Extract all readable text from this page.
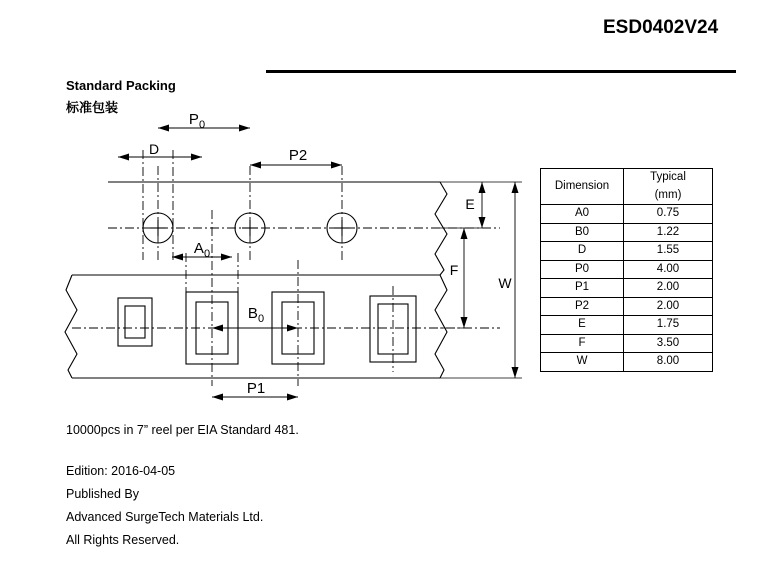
ESD0402V24
Standard Packing
标准包装
D
$P_0$
P2
$A_0$
$B_0$
P1
E
F
W
Dimension	Typical
	(mm)
A0	0.75
B0	1.22
D	1.55
P0	4.00
P1	2.00
P2	2.00
E	1.75
F	3.50
W	8.00
10000pcs in 7” reel per EIA Standard 481.
Edition: 2016-04-05
Published By
Advanced SurgeTech Materials Ltd.
All Rights Reserved.
